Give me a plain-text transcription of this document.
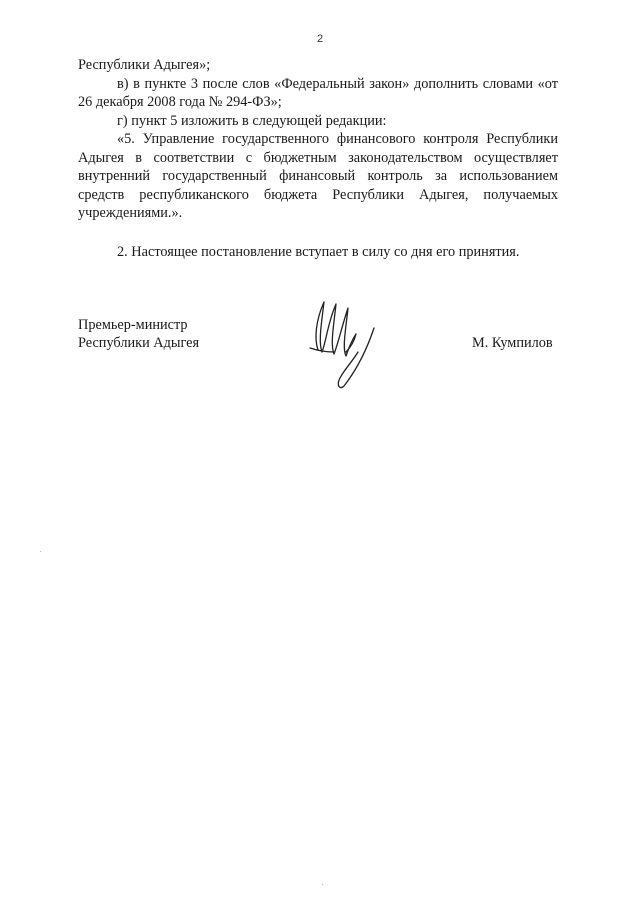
2

Республики Адыгея»;

в) в пункте 3 после слов «Федеральный закон» дополнить словами «от 26 декабря 2008 года № 294-ФЗ»;

г) пункт 5 изложить в следующей редакции:

«5. Управление государственного финансового контроля Республики Адыгея в соответствии с бюджетным законодательством осуществляет внутренний государственный финансовый контроль за использованием средств республиканского бюджета Республики Адыгея, получаемых учреждениями.».

2. Настоящее постановление вступает в силу со дня его принятия.

Премьер-министр
Республики Адыгея	М. Кумпилов
